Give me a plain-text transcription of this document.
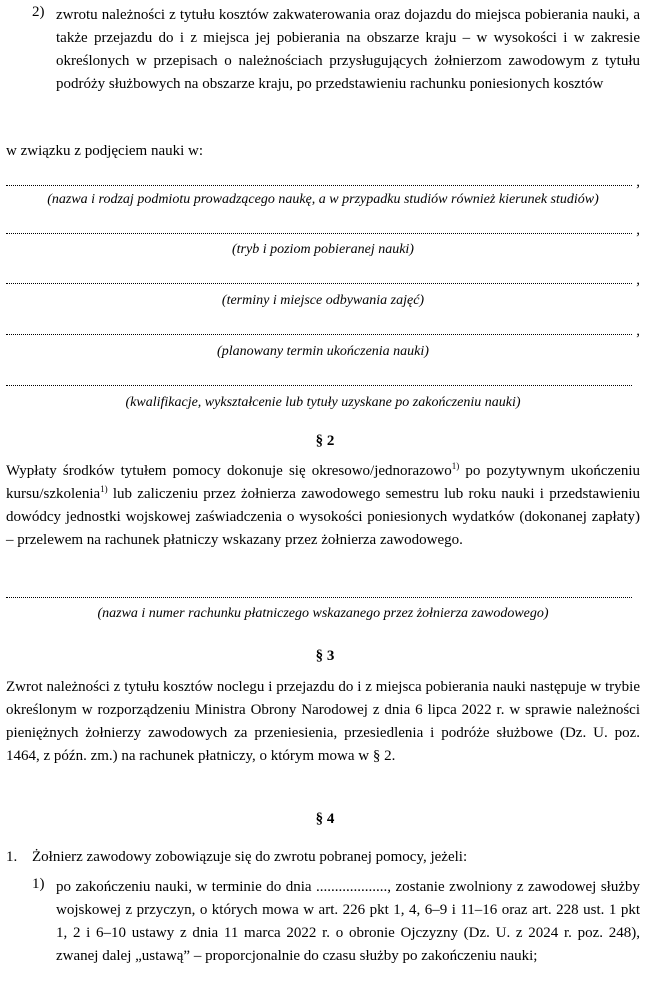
2) zwrotu należności z tytułu kosztów zakwaterowania oraz dojazdu do miejsca pobierania nauki, a także przejazdu do i z miejsca jej pobierania na obszarze kraju – w wysokości i w zakresie określonych w przepisach o należnościach przysługujących żołnierzom zawodowym z tytułu podróży służbowych na obszarze kraju, po przedstawieniu rachunku poniesionych kosztów

w związku z podjęciem nauki w:

,
(nazwa i rodzaj podmiotu prowadzącego naukę, a w przypadku studiów również kierunek studiów)
,
(tryb i poziom pobieranej nauki)
,
(terminy i miejsce odbywania zajęć)
,
(planowany termin ukończenia nauki)
(kwalifikacje, wykształcenie lub tytuły uzyskane po zakończeniu nauki)
§ 2

Wypłaty środków tytułem pomocy dokonuje się okresowo/jednorazowo$^{1)}$ po pozytywnym ukończeniu kursu/szkolenia$^{1)}$ lub zaliczeniu przez żołnierza zawodowego semestru lub roku nauki i przedstawieniu dowódcy jednostki wojskowej zaświadczenia o wysokości poniesionych wydatków (dokonanej zapłaty) – przelewem na rachunek płatniczy wskazany przez żołnierza zawodowego.

(nazwa i numer rachunku płatniczego wskazanego przez żołnierza zawodowego)
§ 3

Zwrot należności z tytułu kosztów noclegu i przejazdu do i z miejsca pobierania nauki następuje w trybie określonym w rozporządzeniu Ministra Obrony Narodowej z dnia 6 lipca 2022 r. w sprawie należności pieniężnych żołnierzy zawodowych za przeniesienia, przesiedlenia i podróże służbowe (Dz. U. poz. 1464, z późn. zm.) na rachunek płatniczy, o którym mowa w § 2.

§ 4
1. Żołnierz zawodowy zobowiązuje się do zwrotu pobranej pomocy, jeżeli:
1) po zakończeniu nauki, w terminie do dnia ..................., zostanie zwolniony z zawodowej służby wojskowej z przyczyn, o których mowa w art. 226 pkt 1, 4, 6–9 i 11–16 oraz art. 228 ust. 1 pkt 1, 2 i 6–10 ustawy z dnia 11 marca 2022 r. o obronie Ojczyzny (Dz. U. z 2024 r. poz. 248), zwanej dalej „ustawą” – proporcjonalnie do czasu służby po zakończeniu nauki;
